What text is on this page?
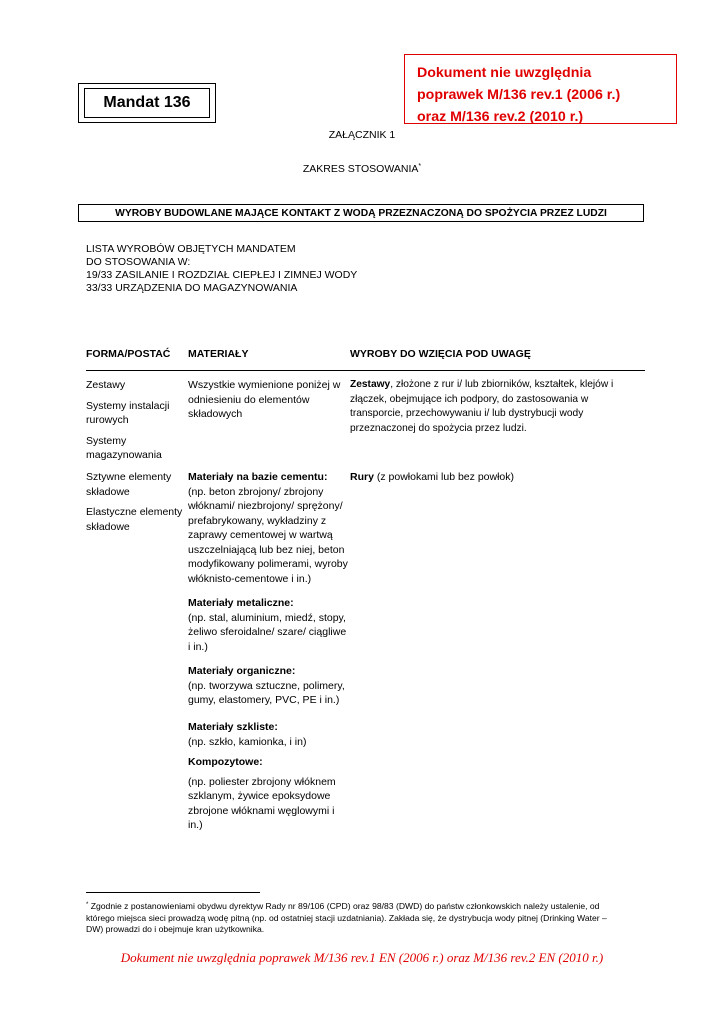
Dokument nie uwzględnia
poprawek M/136 rev.1 (2006 r.)
oraz M/136 rev.2 (2010 r.)
Mandat 136
ZAŁĄCZNIK 1
ZAKRES STOSOWANIA*
WYROBY BUDOWLANE MAJĄCE KONTAKT Z WODĄ PRZEZNACZONĄ DO SPOŻYCIA PRZEZ LUDZI
LISTA WYROBÓW OBJĘTYCH MANDATEM
DO STOSOWANIA W:
19/33 ZASILANIE I ROZDZIAŁ CIEPŁEJ I ZIMNEJ WODY
33/33 URZĄDZENIA DO MAGAZYNOWANIA
FORMA/POSTAĆ MATERIAŁY	WYROBY DO WZIĘCIA POD UWAGĘ
Zestawy
Systemy instalacji
rurowych
Systemy
magazynowania
Sztywne elementy
składowe
Elastyczne elementy
składowe
Wszystkie wymienione poniżej w
odniesieniu do elementów
składowych
Materiały na bazie cementu:
(np. beton zbrojony/ zbrojony
włóknami/ niezbrojony/ sprężony/
prefabrykowany, wykładziny z
zaprawy cementowej w wartwą
uszczelniającą lub bez niej, beton
modyfikowany polimerami, wyroby
włóknisto-cementowe i in.)
Materiały metaliczne:
(np. stal, aluminium, miedź, stopy,
żeliwo sferoidalne/ szare/ ciągliwe
i in.)
Materiały organiczne:
(np. tworzywa sztuczne, polimery,
gumy, elastomery, PVC, PE i in.)
Materiały szkliste:
(np. szkło, kamionka, i in)
Kompozytowe:
(np. poliester zbrojony włóknem
szklanym, żywice epoksydowe
zbrojone włóknami węglowymi i
in.)
Zestawy, złożone z rur i/ lub zbiorników, kształtek, klejów i
złączek, obejmujące ich podpory, do zastosowania w
transporcie, przechowywaniu i/ lub dystrybucji wody
przeznaczonej do spożycia przez ludzi.
Rury (z powłokami lub bez powłok)
* Zgodnie z postanowieniami obydwu dyrektyw Rady nr 89/106 (CPD) oraz 98/83 (DWD) do państw członkowskich należy ustalenie, od
którego miejsca sieci prowadzą wodę pitną (np. od ostatniej stacji uzdatniania). Zakłada się, że dystrybucja wody pitnej (Drinking Water –
DW) prowadzi do i obejmuje kran użytkownika.
Dokument nie uwzględnia poprawek M/136 rev.1 EN (2006 r.) oraz M/136 rev.2 EN (2010 r.)
